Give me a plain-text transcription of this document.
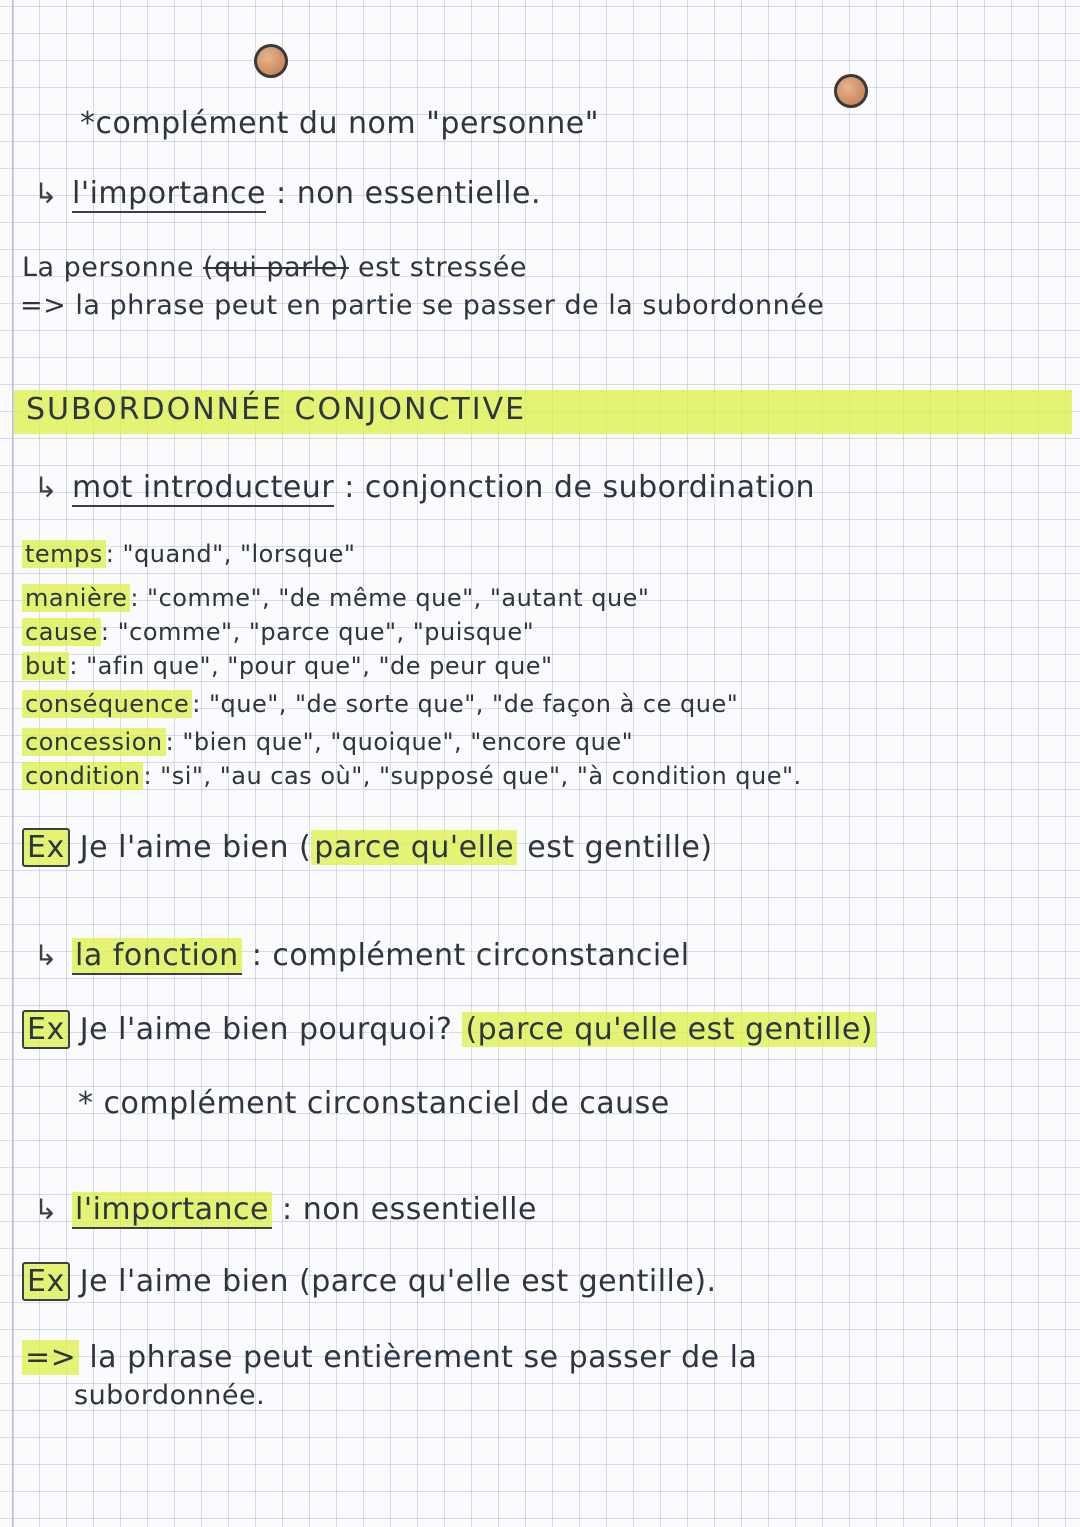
*complément du nom "personne"
↳ l'importance : non essentielle.
La personne (qui parle) est stressée
=> la phrase peut en partie se passer de la subordonnée
SUBORDONNÉE CONJONCTIVE
↳ mot introducteur : conjonction de subordination
temps : "quand", "lorsque"
manière : "comme", "de même que", "autant que"
cause : "comme", "parce que", "puisque"
but : "afin que", "pour que", "de peur que"
conséquence : "que", "de sorte que", "de façon à ce que"
concession : "bien que", "quoique", "encore que"
condition : "si", "au cas où", "supposé que", "à condition que".
Ex Je l'aime bien ( parce qu'elle est gentille)
↳ la fonction : complément circonstanciel
Ex Je l'aime bien pourquoi? (parce qu'elle est gentille)
* complément circonstanciel de cause
↳ l'importance : non essentielle
Ex Je l'aime bien (parce qu'elle est gentille).
=> la phrase peut entièrement se passer de la
subordonnée.
